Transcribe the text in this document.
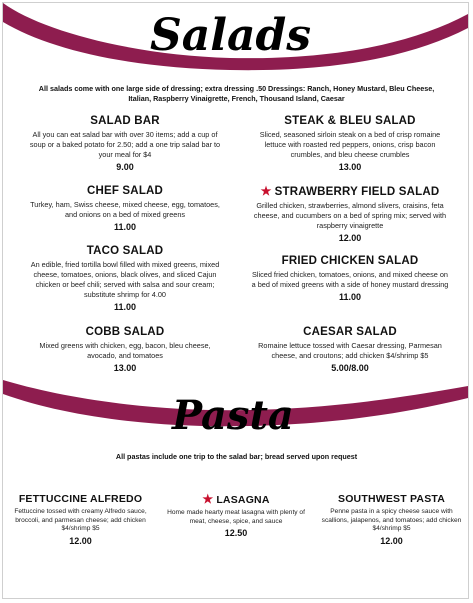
Salads
All salads come with one large side of dressing; extra dressing .50 Dressings: Ranch, Honey Mustard, Bleu Cheese, Italian, Raspberry Vinaigrette, French, Thousand Island, Caesar
SALAD BAR
All you can eat salad bar with over 30 items; add a cup of soup or a baked potato for 2.50; add a one trip salad bar to your meal for $4
9.00
CHEF SALAD
Turkey, ham, Swiss cheese, mixed cheese, egg, tomatoes, and onions on a bed of mixed greens
11.00
TACO SALAD
An edible, fried tortilla bowl filled with mixed greens, mixed cheese, tomatoes, onions, black olives, and sliced Cajun chicken or beef chili; served with salsa and sour cream; substitute shrimp for 4.00
11.00
COBB SALAD
Mixed greens with chicken, egg, bacon, bleu cheese, avocado, and tomatoes
13.00
STEAK & BLEU SALAD
Sliced, seasoned sirloin steak on a bed of crisp romaine lettuce with roasted red peppers, onions, crisp bacon crumbles, and bleu cheese crumbles
13.00
★ STRAWBERRY FIELD SALAD
Grilled chicken, strawberries, almond slivers, craisins, feta cheese, and cucumbers on a bed of spring mix; served with raspberry vinaigrette
12.00
FRIED CHICKEN SALAD
Sliced fried chicken, tomatoes, onions, and mixed cheese on a bed of mixed greens with a side of honey mustard dressing
11.00
CAESAR SALAD
Romaine lettuce tossed with Caesar dressing, Parmesan cheese, and croutons; add chicken $4/shrimp $5
5.00/8.00
Pasta
All pastas include one trip to the salad bar; bread served upon request
FETTUCCINE ALFREDO
Fettuccine tossed with creamy Alfredo sauce, broccoli, and parmesan cheese; add chicken $4/shrimp $5
12.00
★ LASAGNA
Home made hearty meat lasagna with plenty of meat, cheese, spice, and sauce
12.50
SOUTHWEST PASTA
Penne pasta in a spicy cheese sauce with scallions, jalapenos, and tomatoes; add chicken $4/shrimp $5
12.00
